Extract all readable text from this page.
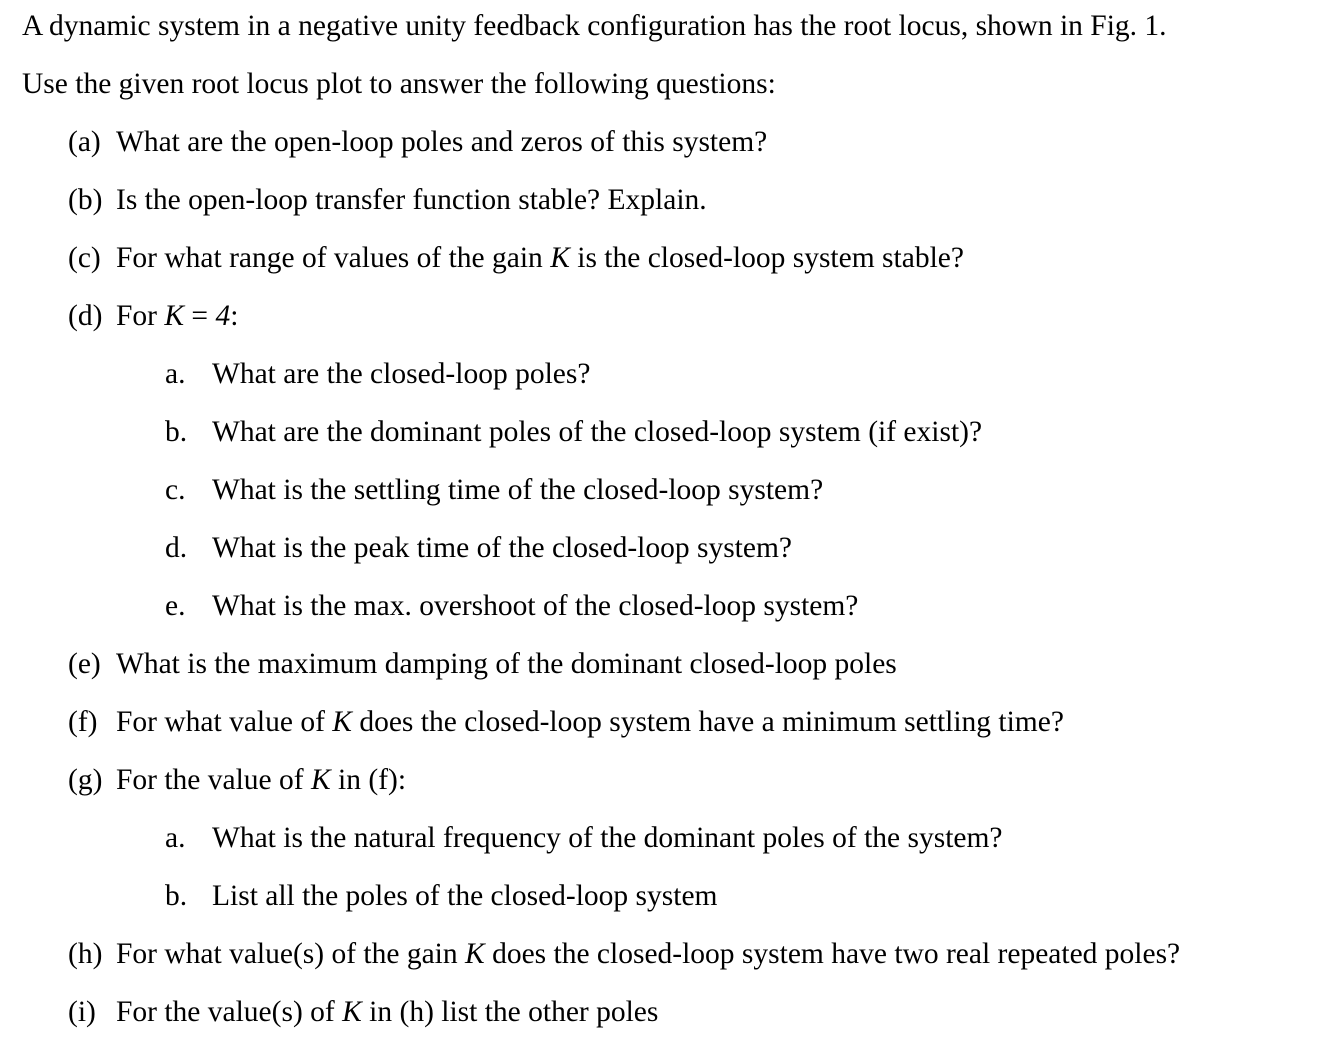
A dynamic system in a negative unity feedback configuration has the root locus, shown in Fig. 1.
Use the given root locus plot to answer the following questions:
(a) What are the open-loop poles and zeros of this system?
(b) Is the open-loop transfer function stable? Explain.
(c) For what range of values of the gain K is the closed-loop system stable?
(d) For K = 4:
a. What are the closed-loop poles?
b. What are the dominant poles of the closed-loop system (if exist)?
c. What is the settling time of the closed-loop system?
d. What is the peak time of the closed-loop system?
e. What is the max. overshoot of the closed-loop system?
(e) What is the maximum damping of the dominant closed-loop poles
(f) For what value of K does the closed-loop system have a minimum settling time?
(g) For the value of K in (f):
a. What is the natural frequency of the dominant poles of the system?
b. List all the poles of the closed-loop system
(h) For what value(s) of the gain K does the closed-loop system have two real repeated poles?
(i) For the value(s) of K in (h) list the other poles
